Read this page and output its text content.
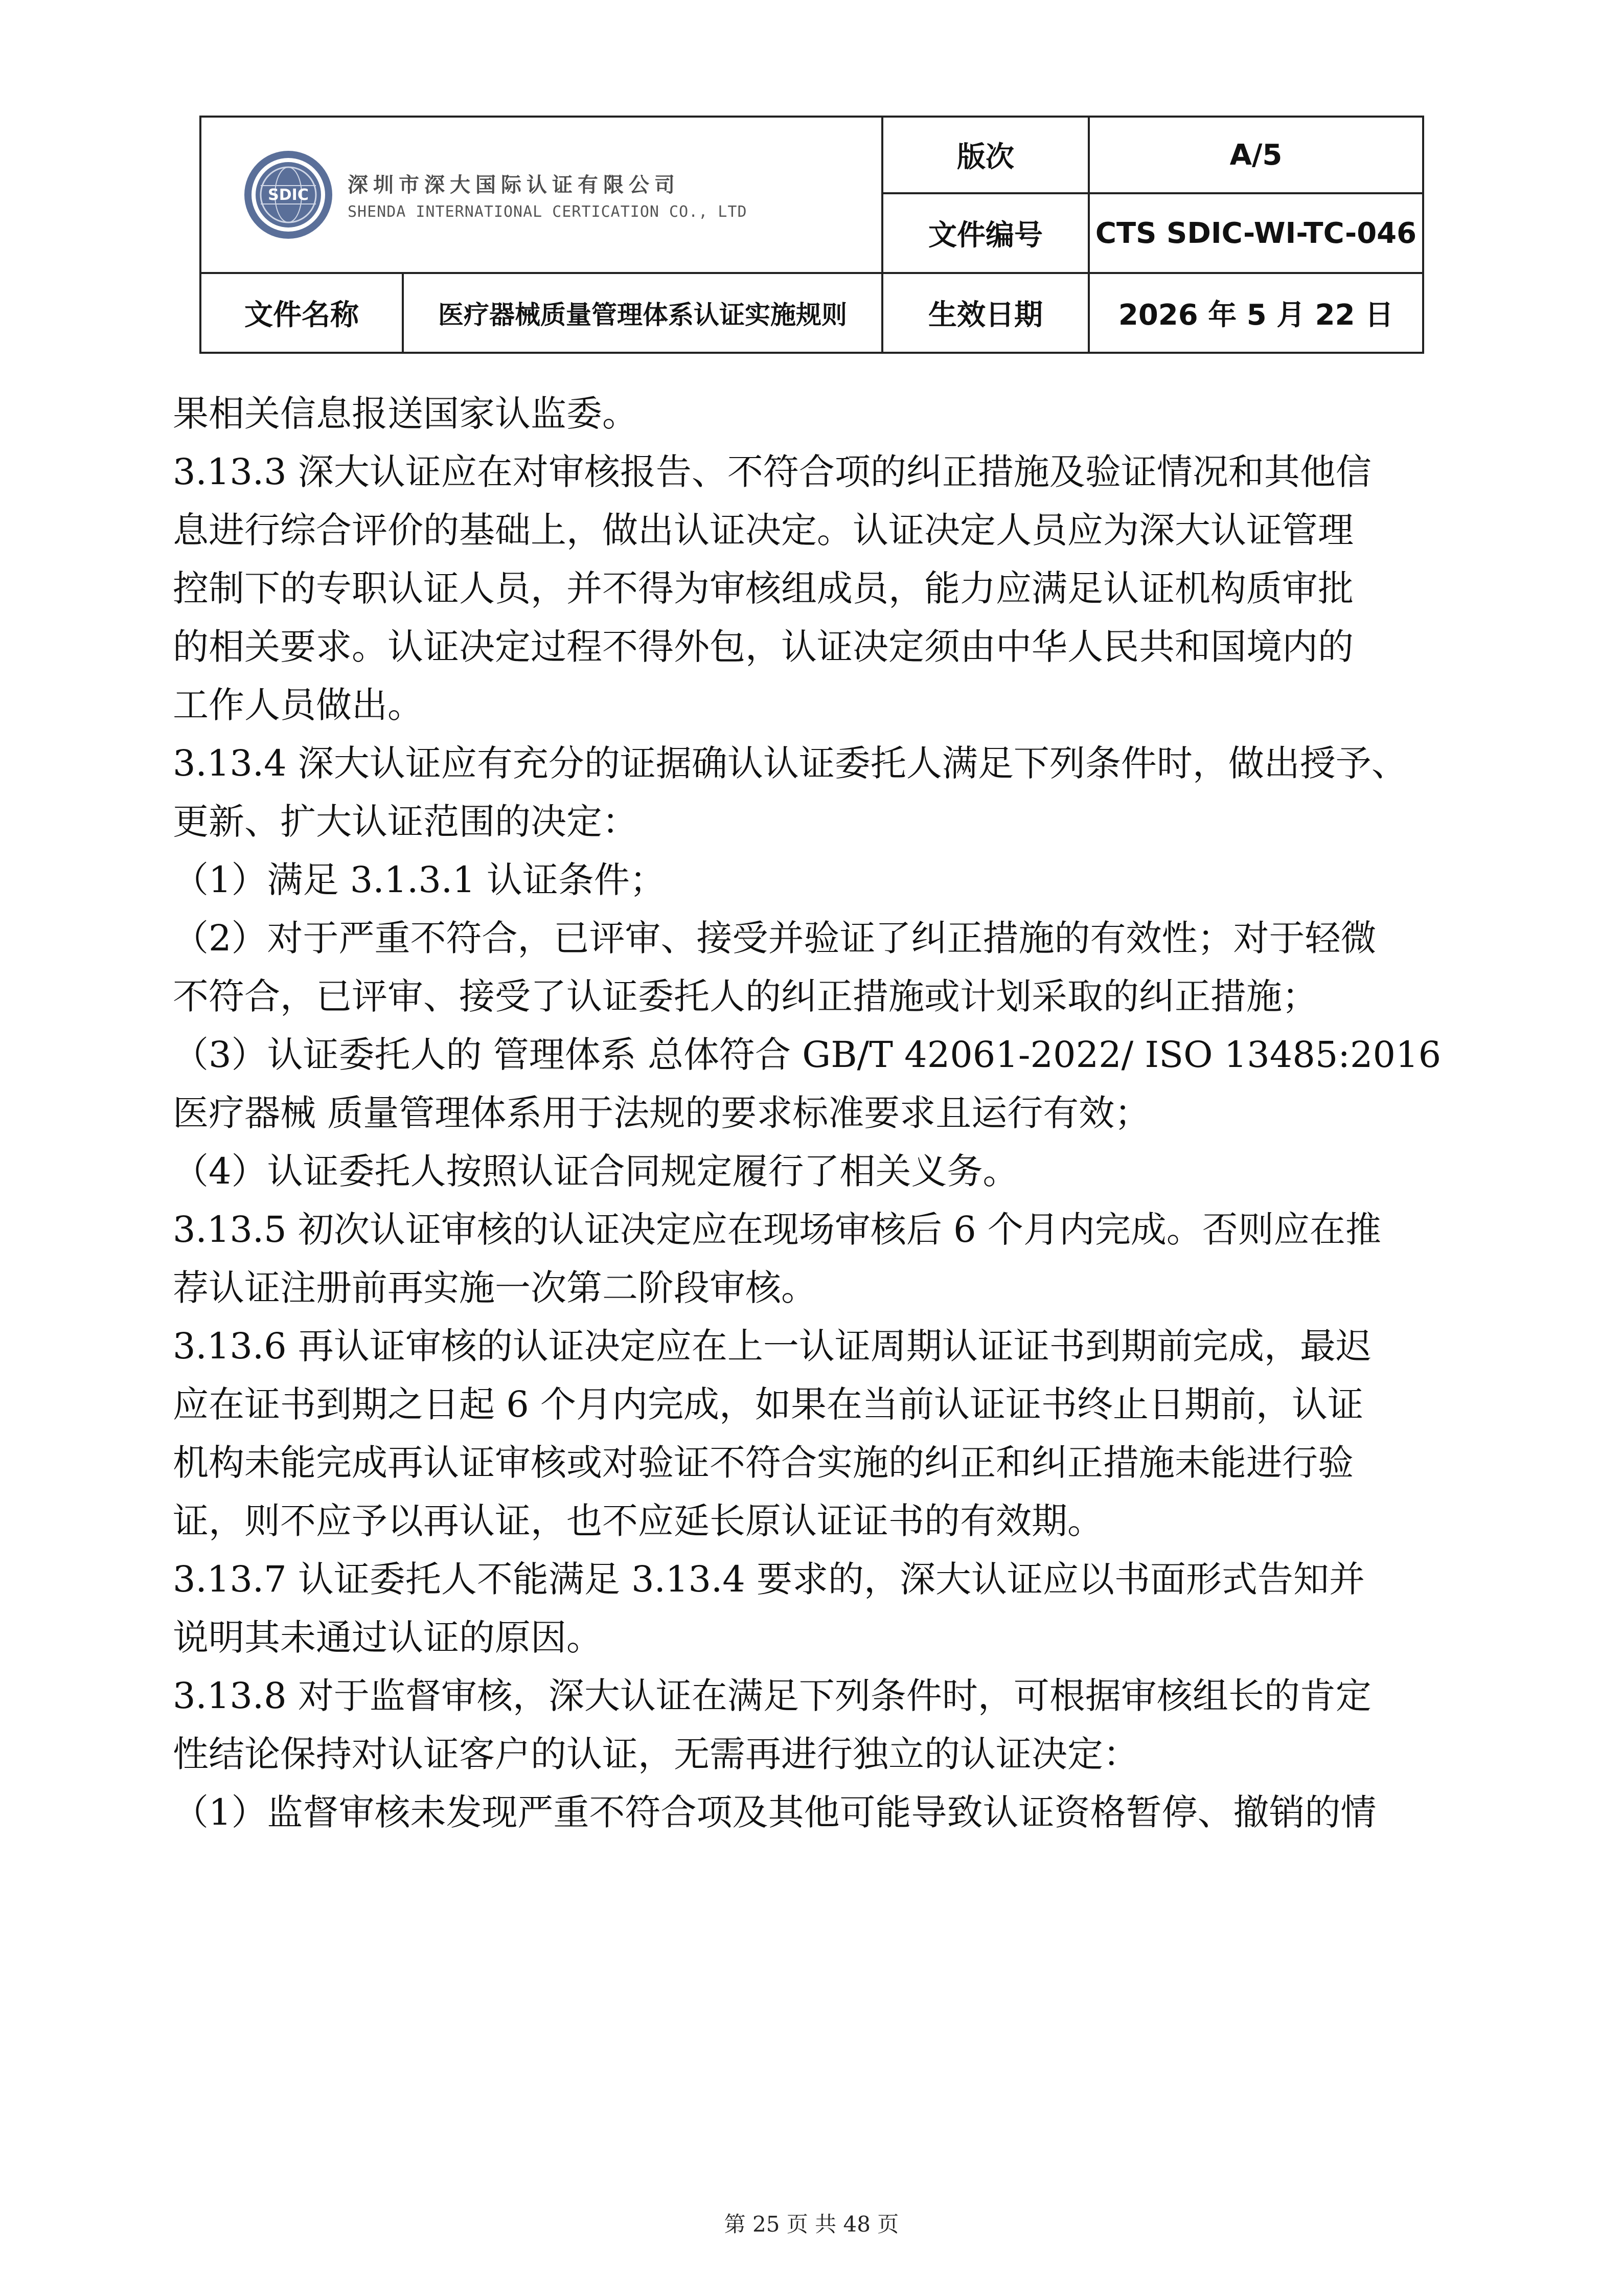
SDIC 深圳市深大国际认证有限公司
SHENDA INTERNATIONAL CERTICATION CO., LTD		版次	A/5
		文件编号	CTS SDIC-WI-TC-046
文件名称	医疗器械质量管理体系认证实施规则	生效日期	2026 年 5 月 22 日

果相关信息报送国家认监委。

3.13.3 深大认证应在对审核报告、不符合项的纠正措施及验证情况和其他信

息进行综合评价的基础上，做出认证决定。认证决定人员应为深大认证管理

控制下的专职认证人员，并不得为审核组成员，能力应满足认证机构质审批

的相关要求。认证决定过程不得外包，认证决定须由中华人民共和国境内的

工作人员做出。

3.13.4 深大认证应有充分的证据确认认证委托人满足下列条件时，做出授予、

更新、扩大认证范围的决定：

（1）满足 3.1.3.1 认证条件；

（2）对于严重不符合，已评审、接受并验证了纠正措施的有效性；对于轻微

不符合，已评审、接受了认证委托人的纠正措施或计划采取的纠正措施；

（3）认证委托人的 管理体系 总体符合 GB/T 42061-2022/ ISO 13485:2016

医疗器械 质量管理体系用于法规的要求标准要求且运行有效；

（4）认证委托人按照认证合同规定履行了相关义务。

3.13.5 初次认证审核的认证决定应在现场审核后 6 个月内完成。否则应在推

荐认证注册前再实施一次第二阶段审核。

3.13.6 再认证审核的认证决定应在上一认证周期认证证书到期前完成，最迟

应在证书到期之日起 6 个月内完成，如果在当前认证证书终止日期前，认证

机构未能完成再认证审核或对验证不符合实施的纠正和纠正措施未能进行验

证，则不应予以再认证，也不应延长原认证证书的有效期。

3.13.7 认证委托人不能满足 3.13.4 要求的，深大认证应以书面形式告知并

说明其未通过认证的原因。

3.13.8 对于监督审核，深大认证在满足下列条件时，可根据审核组长的肯定

性结论保持对认证客户的认证，无需再进行独立的认证决定：

（1）监督审核未发现严重不符合项及其他可能导致认证资格暂停、撤销的情

第 25 页 共 48 页
